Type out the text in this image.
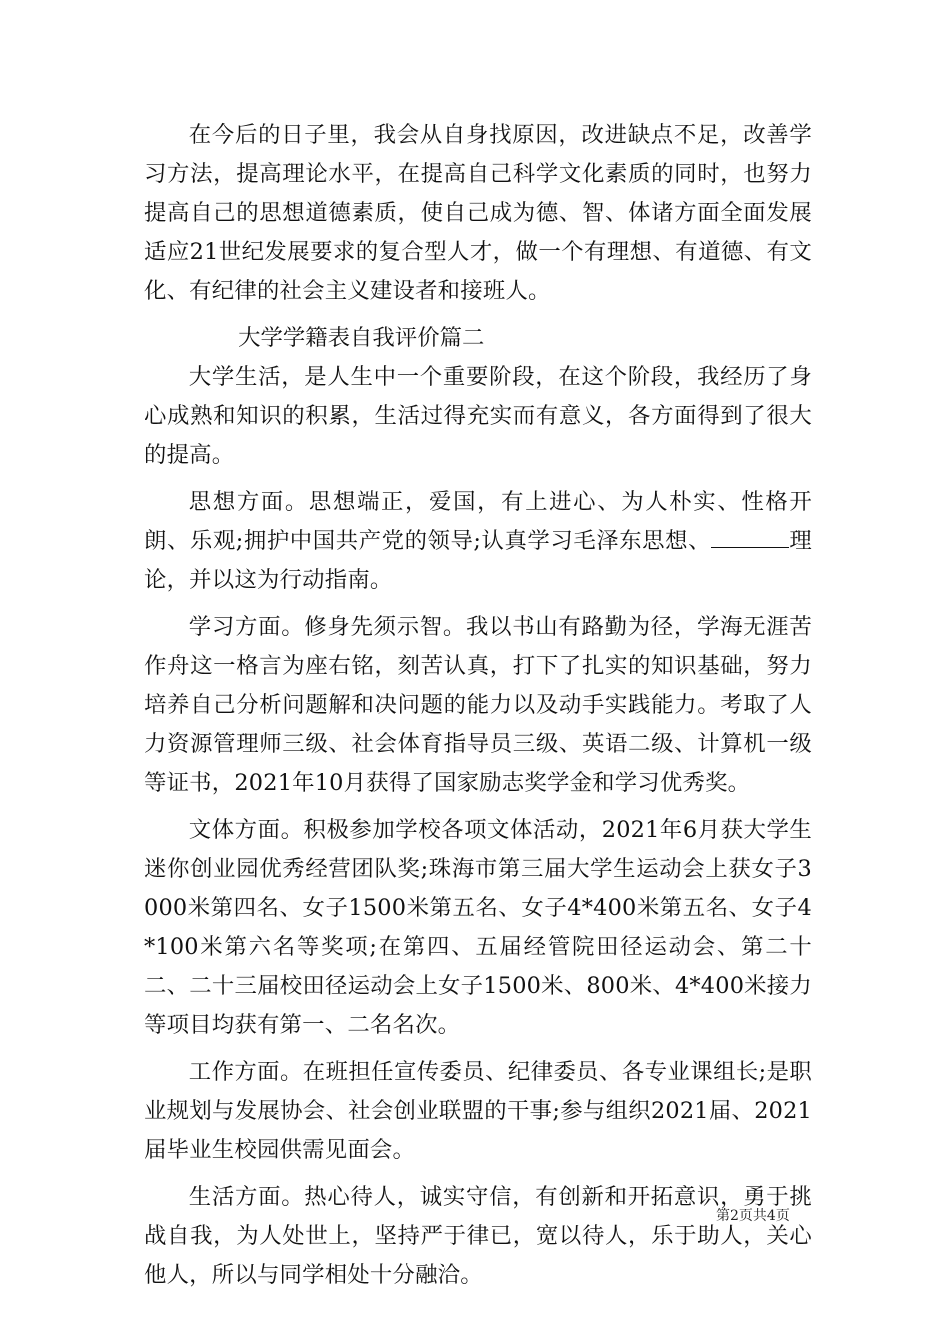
在今后的日子里，我会从自身找原因，改进缺点不足，改善学习方法，提高理论水平，在提高自己科学文化素质的同时，也努力提高自己的思想道德素质，使自己成为德、智、体诸方面全面发展适应21世纪发展要求的复合型人才，做一个有理想、有道德、有文化、有纪律的社会主义建设者和接班人。

大学学籍表自我评价篇二

大学生活，是人生中一个重要阶段，在这个阶段，我经历了身心成熟和知识的积累，生活过得充实而有意义，各方面得到了很大的提高。

思想方面。思想端正，爱国，有上进心、为人朴实、性格开朗、乐观;拥护中国共产党的领导;认真学习毛泽东思想、	理论，并以这为行动指南。

学习方面。修身先须示智。我以书山有路勤为径，学海无涯苦作舟这一格言为座右铭，刻苦认真，打下了扎实的知识基础，努力培养自己分析问题解和决问题的能力以及动手实践能力。考取了人力资源管理师三级、社会体育指导员三级、英语二级、计算机一级等证书，2021年10月获得了国家励志奖学金和学习优秀奖。

文体方面。积极参加学校各项文体活动，2021年6月获大学生迷你创业园优秀经营团队奖;珠海市第三届大学生运动会上获女子3000米第四名、女子1500米第五名、女子4*400米第五名、女子4*100米第六名等奖项;在第四、五届经管院田径运动会、第二十二、二十三届校田径运动会上女子1500米、800米、4*400米接力等项目均获有第一、二名名次。

工作方面。在班担任宣传委员、纪律委员、各专业课组长;是职业规划与发展协会、社会创业联盟的干事;参与组织2021届、2021届毕业生校园供需见面会。

生活方面。热心待人，诚实守信，有创新和开拓意识，勇于挑战自我，为人处世上，坚持严于律已，宽以待人，乐于助人，关心他人，所以与同学相处十分融洽。

第2页共4页
